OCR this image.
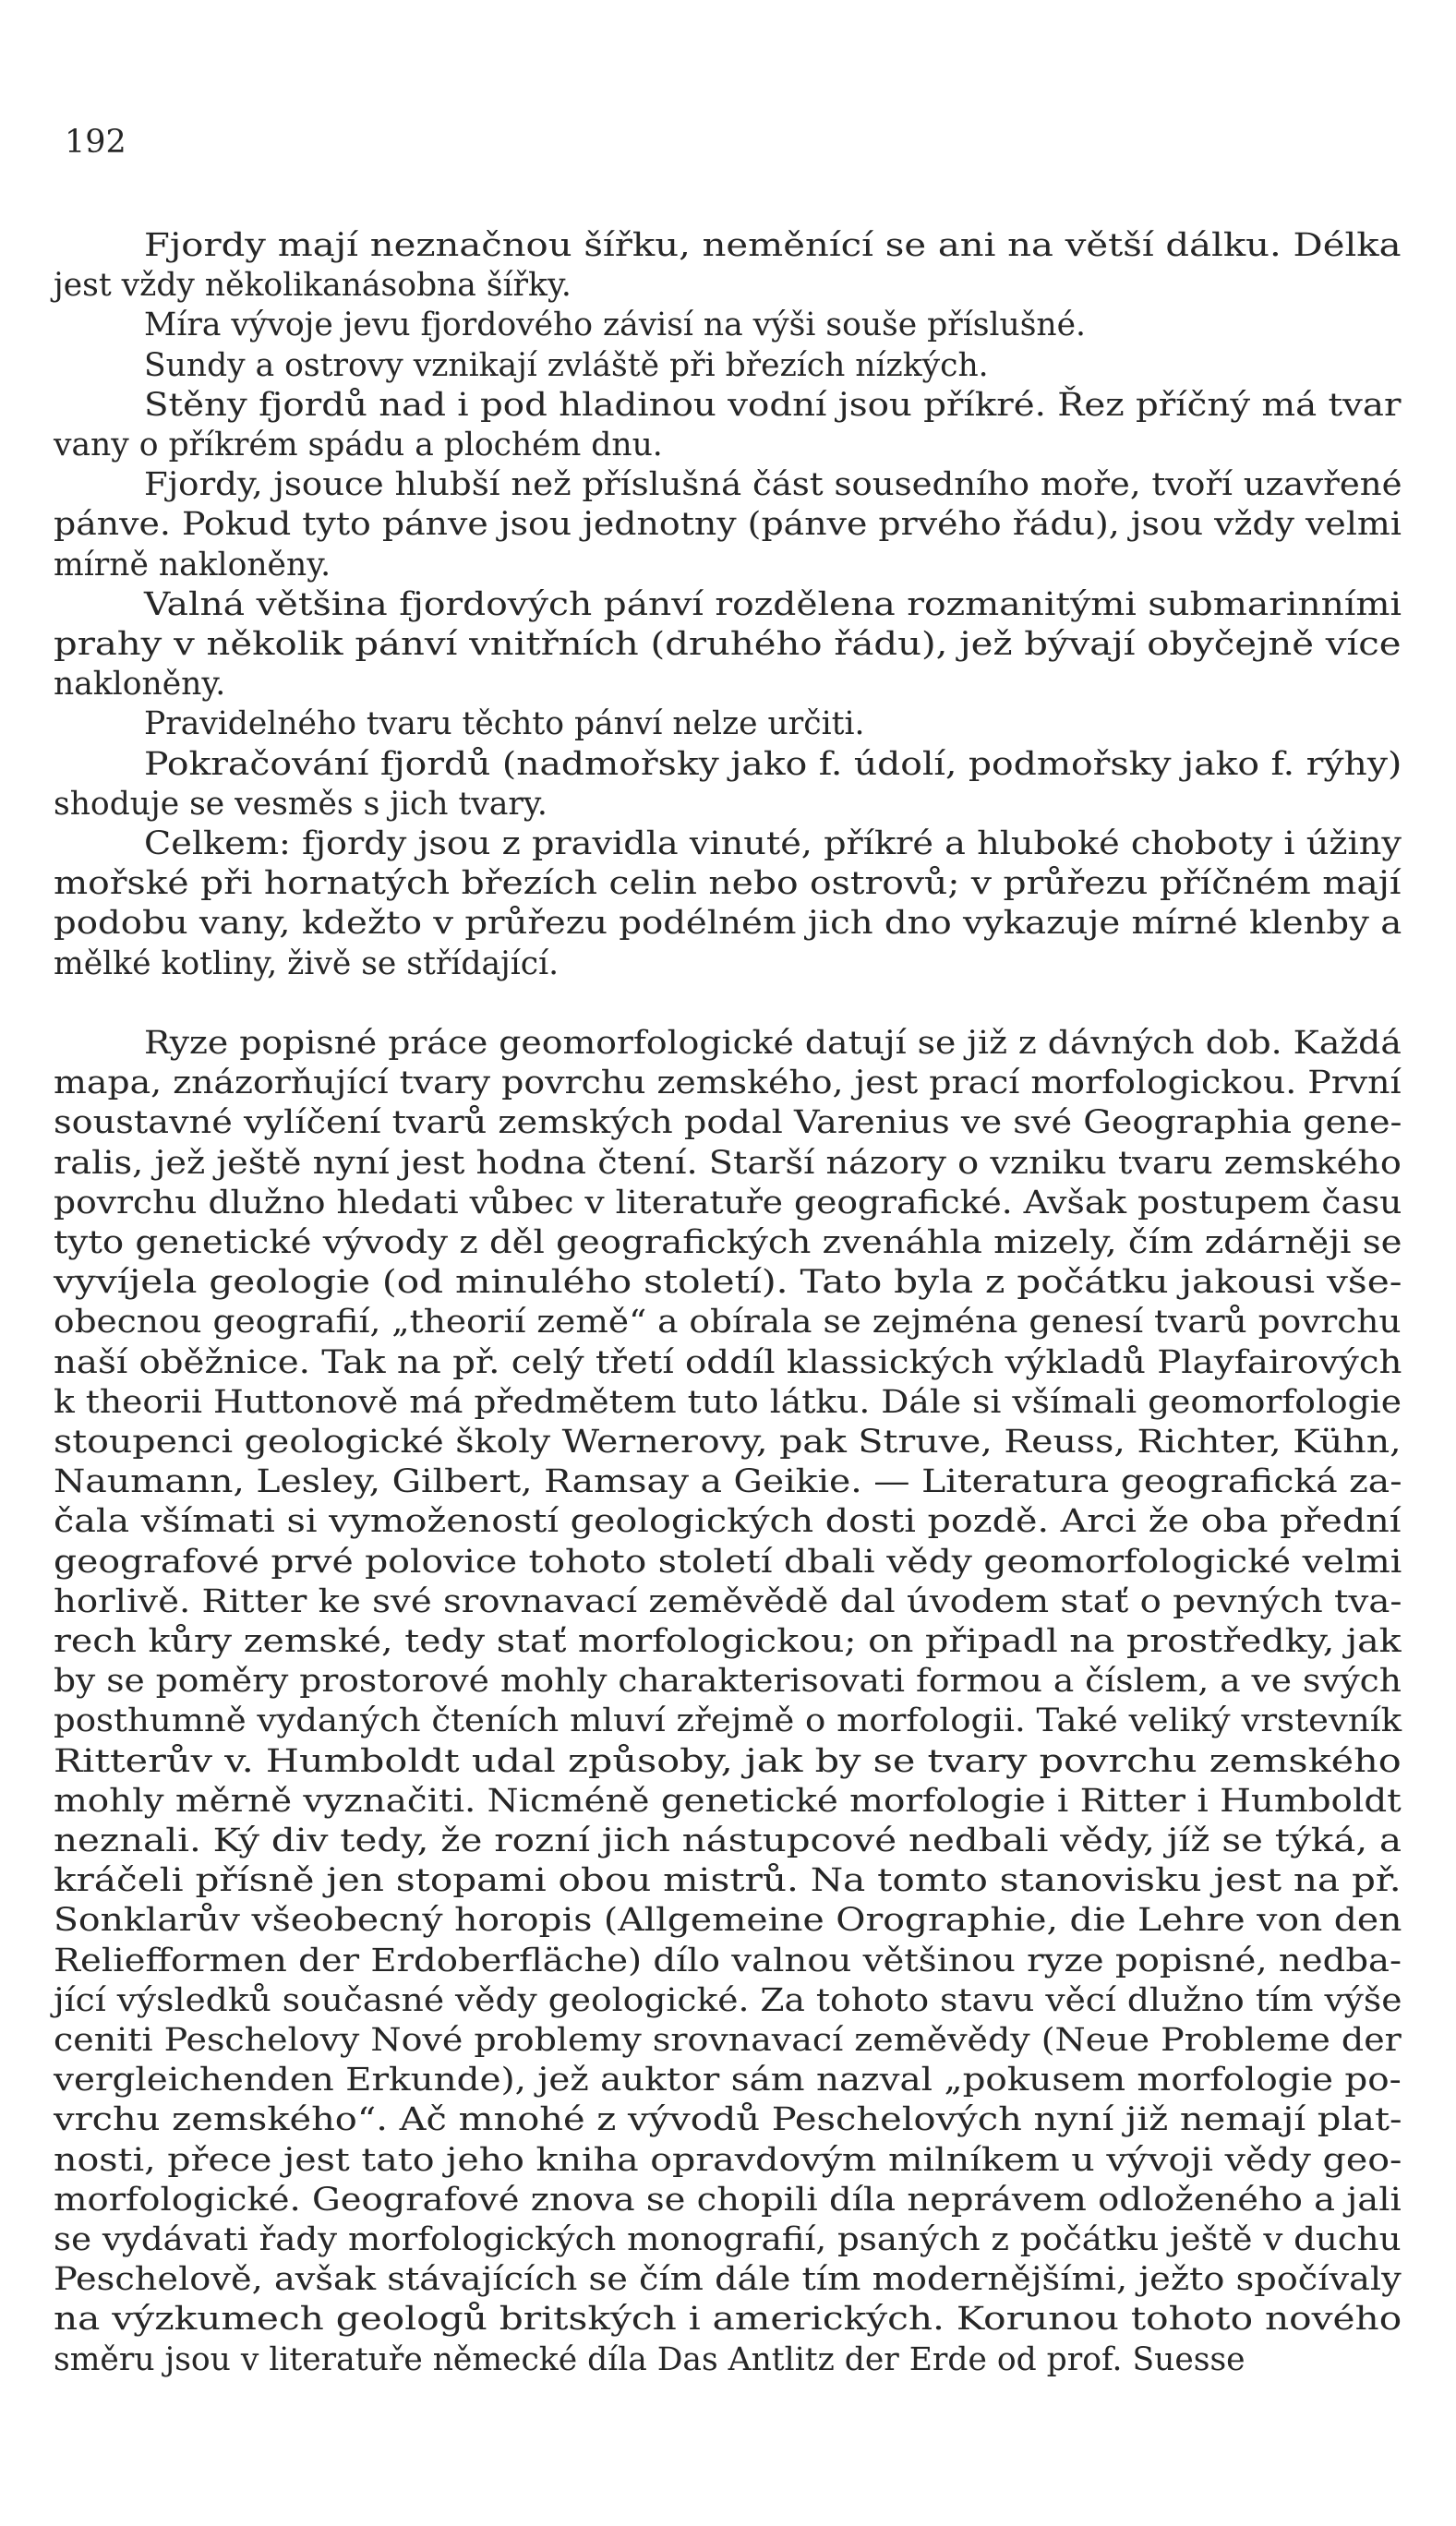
192
Fjordy mají neznačnou šířku, neměnící se ani na větší dálku. Délka
jest vždy několikanásobna šířky.
Míra vývoje jevu fjordového závisí na výši souše příslušné.
Sundy a ostrovy vznikají zvláště při březích nízkých.
Stěny fjordů nad i pod hladinou vodní jsou příkré. Řez příčný má tvar
vany o příkrém spádu a plochém dnu.
Fjordy, jsouce hlubší než příslušná část sousedního moře, tvoří uzavřené
pánve. Pokud tyto pánve jsou jednotny (pánve prvého řádu), jsou vždy velmi
mírně nakloněny.
Valná většina fjordových pánví rozdělena rozmanitými submarinními
prahy v několik pánví vnitřních (druhého řádu), jež bývají obyčejně více
nakloněny.
Pravidelného tvaru těchto pánví nelze určiti.
Pokračování fjordů (nadmořsky jako f. údolí, podmořsky jako f. rýhy)
shoduje se vesměs s jich tvary.
Celkem: fjordy jsou z pravidla vinuté, příkré a hluboké choboty i úžiny
mořské při hornatých březích celin nebo ostrovů; v průřezu příčném mají
podobu vany, kdežto v průřezu podélném jich dno vykazuje mírné klenby a
mělké kotliny, živě se střídající.
Ryze popisné práce geomorfologické datují se již z dávných dob. Každá
mapa, znázorňující tvary povrchu zemského, jest prací morfologickou. První
soustavné vylíčení tvarů zemských podal Varenius ve své Geographia gene-
ralis, jež ještě nyní jest hodna čtení. Starší názory o vzniku tvaru zemského
povrchu dlužno hledati vůbec v literatuře geografické. Avšak postupem času
tyto genetické vývody z děl geografických zvenáhla mizely, čím zdárněji se
vyvíjela geologie (od minulého století). Tato byla z počátku jakousi vše-
obecnou geografií, „theorií země“ a obírala se zejména genesí tvarů povrchu
naší oběžnice. Tak na př. celý třetí oddíl klassických výkladů Playfairových
k theorii Huttonově má předmětem tuto látku. Dále si všímali geomorfologie
stoupenci geologické školy Wernerovy, pak Struve, Reuss, Richter, Kühn,
Naumann, Lesley, Gilbert, Ramsay a Geikie. — Literatura geografická za-
čala všímati si vymožeností geologických dosti pozdě. Arci že oba přední
geografové prvé polovice tohoto století dbali vědy geomorfologické velmi
horlivě. Ritter ke své srovnavací zeměvědě dal úvodem stať o pevných tva-
rech kůry zemské, tedy stať morfologickou; on připadl na prostředky, jak
by se poměry prostorové mohly charakterisovati formou a číslem, a ve svých
posthumně vydaných čteních mluví zřejmě o morfologii. Také veliký vrstevník
Ritterův v. Humboldt udal způsoby, jak by se tvary povrchu zemského
mohly měrně vyznačiti. Nicméně genetické morfologie i Ritter i Humboldt
neznali. Ký div tedy, že rozní jich nástupcové nedbali vědy, jíž se týká, a
kráčeli přísně jen stopami obou mistrů. Na tomto stanovisku jest na př.
Sonklarův všeobecný horopis (Allgemeine Orographie, die Lehre von den
Reliefformen der Erdoberfläche) dílo valnou většinou ryze popisné, nedba-
jící výsledků současné vědy geologické. Za tohoto stavu věcí dlužno tím výše
ceniti Peschelovy Nové problemy srovnavací zeměvědy (Neue Probleme der
vergleichenden Erkunde), jež auktor sám nazval „pokusem morfologie po-
vrchu zemského“. Ač mnohé z vývodů Peschelových nyní již nemají plat-
nosti, přece jest tato jeho kniha opravdovým milníkem u vývoji vědy geo-
morfologické. Geografové znova se chopili díla neprávem odloženého a jali
se vydávati řady morfologických monografií, psaných z počátku ještě v duchu
Peschelově, avšak stávajících se čím dále tím modernějšími, ježto spočívaly
na výzkumech geologů britských i amerických. Korunou tohoto nového
směru jsou v literatuře německé díla Das Antlitz der Erde od prof. Suesse
